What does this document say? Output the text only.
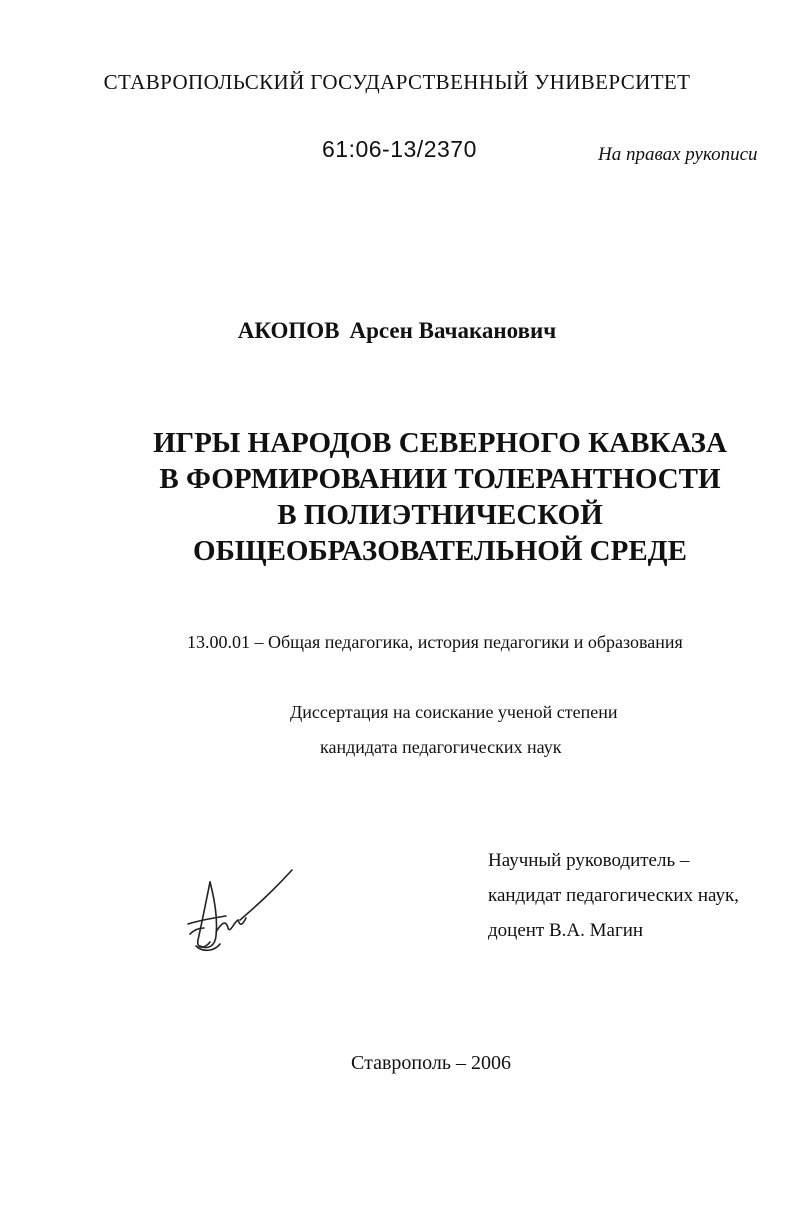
СТАВРОПОЛЬСКИЙ ГОСУДАРСТВЕННЫЙ УНИВЕРСИТЕТ
61:06-13/2370	На правах рукописи
АКОПОВ Арсен Вачаканович
ИГРЫ НАРОДОВ СЕВЕРНОГО КАВКАЗА
В ФОРМИРОВАНИИ ТОЛЕРАНТНОСТИ
В ПОЛИЭТНИЧЕСКОЙ
ОБЩЕОБРАЗОВАТЕЛЬНОЙ СРЕДЕ
13.00.01 – Общая педагогика, история педагогики и образования
Диссертация на соискание ученой степени
кандидата педагогических наук
Научный руководитель –
кандидат педагогических наук,
доцент В.А. Магин
Ставрополь – 2006
